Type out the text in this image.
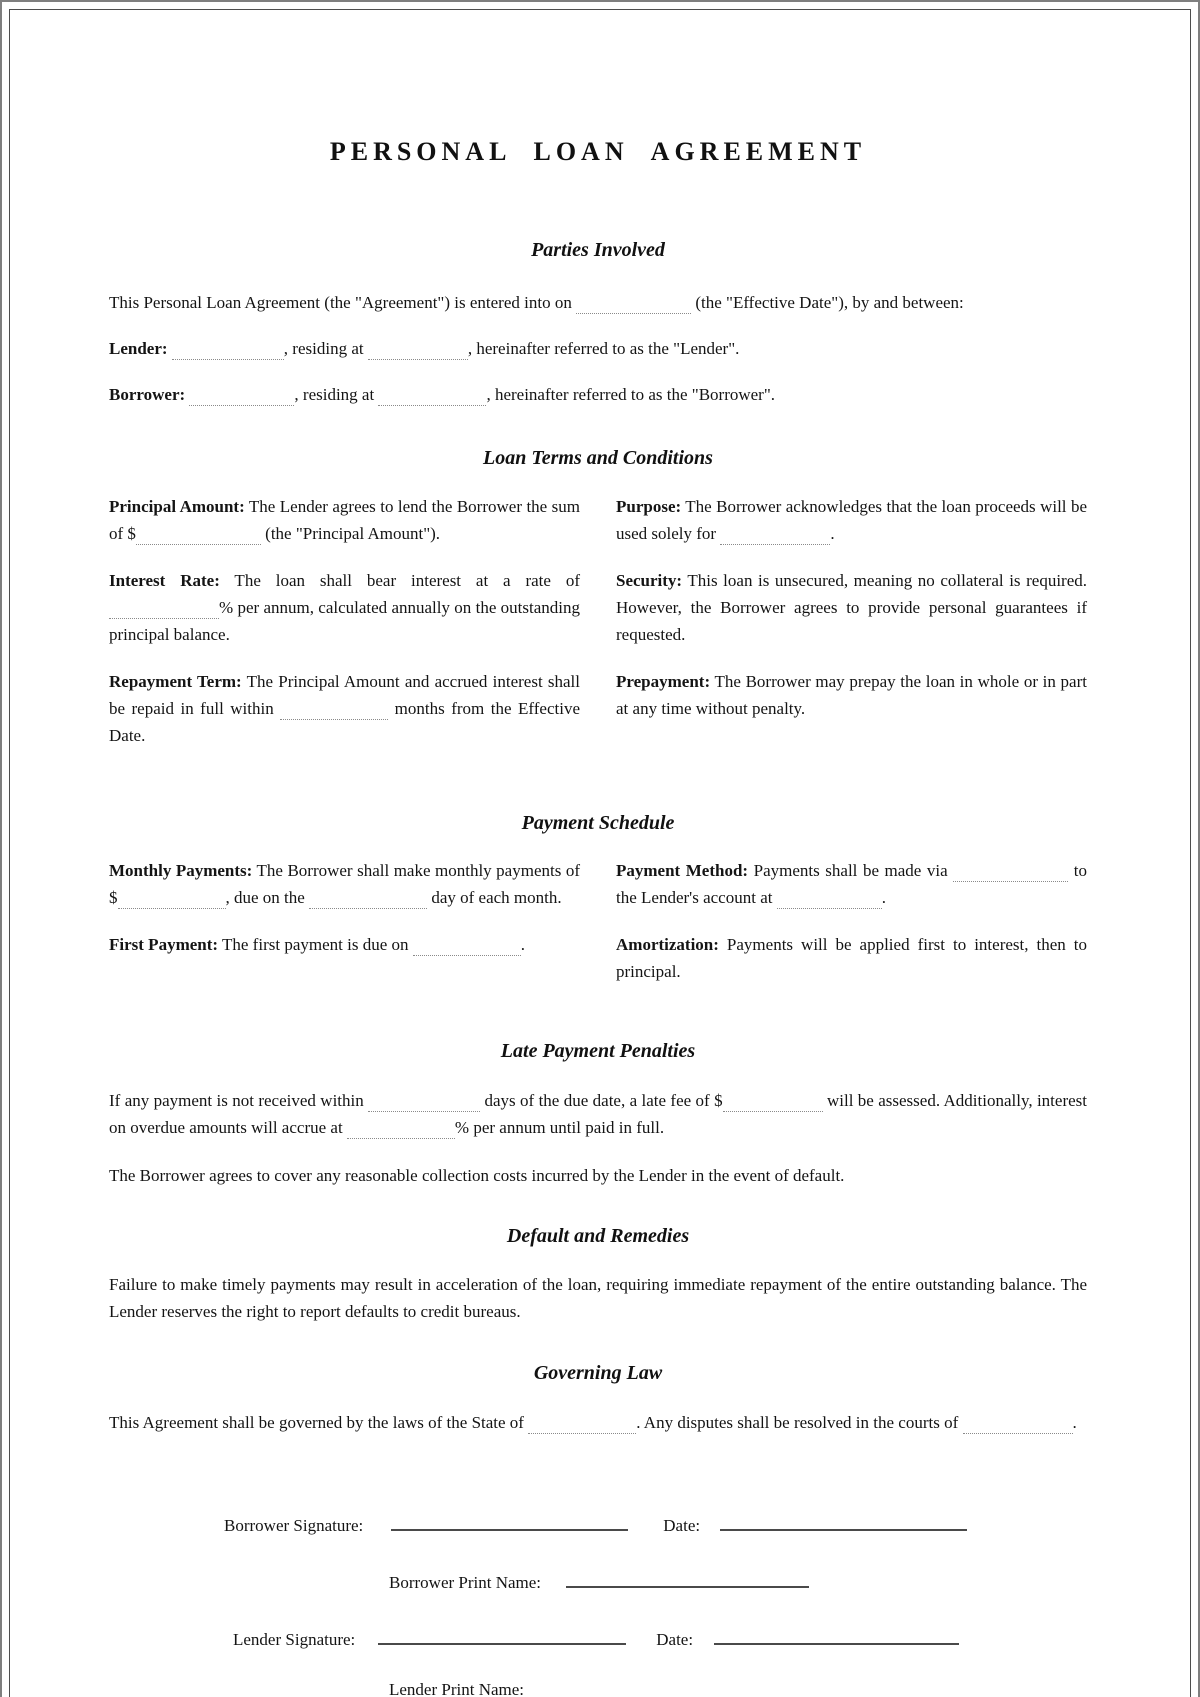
PERSONAL LOAN AGREEMENT
Parties Involved

This Personal Loan Agreement (the "Agreement") is entered into on	(the "Effective Date"), by and between:

Lender:	, residing at	, hereinafter referred to as the "Lender".

Borrower:	, residing at	, hereinafter referred to as the "Borrower".

Loan Terms and Conditions

Principal Amount: The Lender agrees to lend the Borrower the sum of $	(the "Principal Amount").

Interest Rate: The loan shall bear interest at a rate of % per annum, calculated annually on the outstanding principal balance.

Repayment Term: The Principal Amount and accrued interest shall be repaid in full within	months from the Effective Date.

Purpose: The Borrower acknowledges that the loan proceeds will be used solely for	.

Security: This loan is unsecured, meaning no collateral is required. However, the Borrower agrees to provide personal guarantees if requested.

Prepayment: The Borrower may prepay the loan in whole or in part at any time without penalty.

Payment Schedule

Monthly Payments: The Borrower shall make monthly payments of $	, due on the	day of each month.

First Payment: The first payment is due on	.

Payment Method: Payments shall be made via	to the Lender's account at	.

Amortization: Payments will be applied first to interest, then to principal.

Late Payment Penalties

If any payment is not received within	days of the due date, a late fee of $	will be assessed. Additionally, interest on overdue amounts will accrue at	% per annum until paid in full.

The Borrower agrees to cover any reasonable collection costs incurred by the Lender in the event of default.

Default and Remedies

Failure to make timely payments may result in acceleration of the loan, requiring immediate repayment of the entire outstanding balance. The Lender reserves the right to report defaults to credit bureaus.

Governing Law

This Agreement shall be governed by the laws of the State of	. Any disputes shall be resolved in the courts of	.

Borrower Signature:	Date:
Borrower Print Name:
Lender Signature:	Date:
Lender Print Name:
